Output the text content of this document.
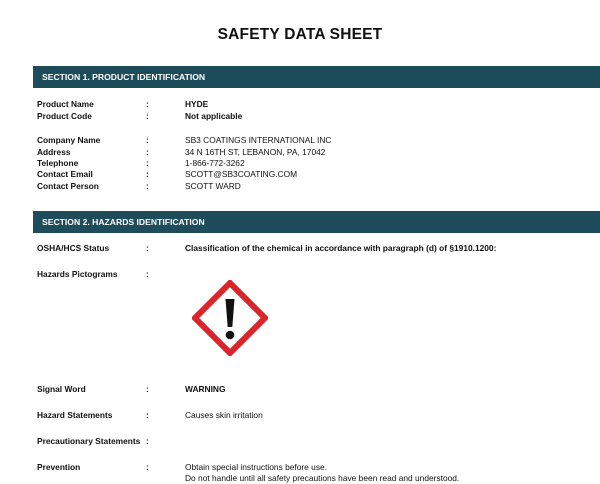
SAFETY DATA SHEET
SECTION 1. PRODUCT IDENTIFICATION
Product Name	:	HYDE
Product Code	:	Not applicable
Company Name	:	SB3 COATINGS INTERNATIONAL INC
Address	:	34 N 16TH ST, LEBANON, PA, 17042
Telephone	:	1-866-772-3262
Contact Email	:	SCOTT@SB3COATING.COM
Contact Person	:	SCOTT WARD
SECTION 2. HAZARDS IDENTIFICATION
OSHA/HCS Status	:	Classification of the chemical in accordance with paragraph (d) of §1910.1200:
Hazards Pictograms	:
Signal Word	:	WARNING
Hazard Statements	:	Causes skin irritation
Precautionary Statements :
Prevention	:	Obtain special instructions before use.
Do not handle until all safety precautions have been read and understood.
